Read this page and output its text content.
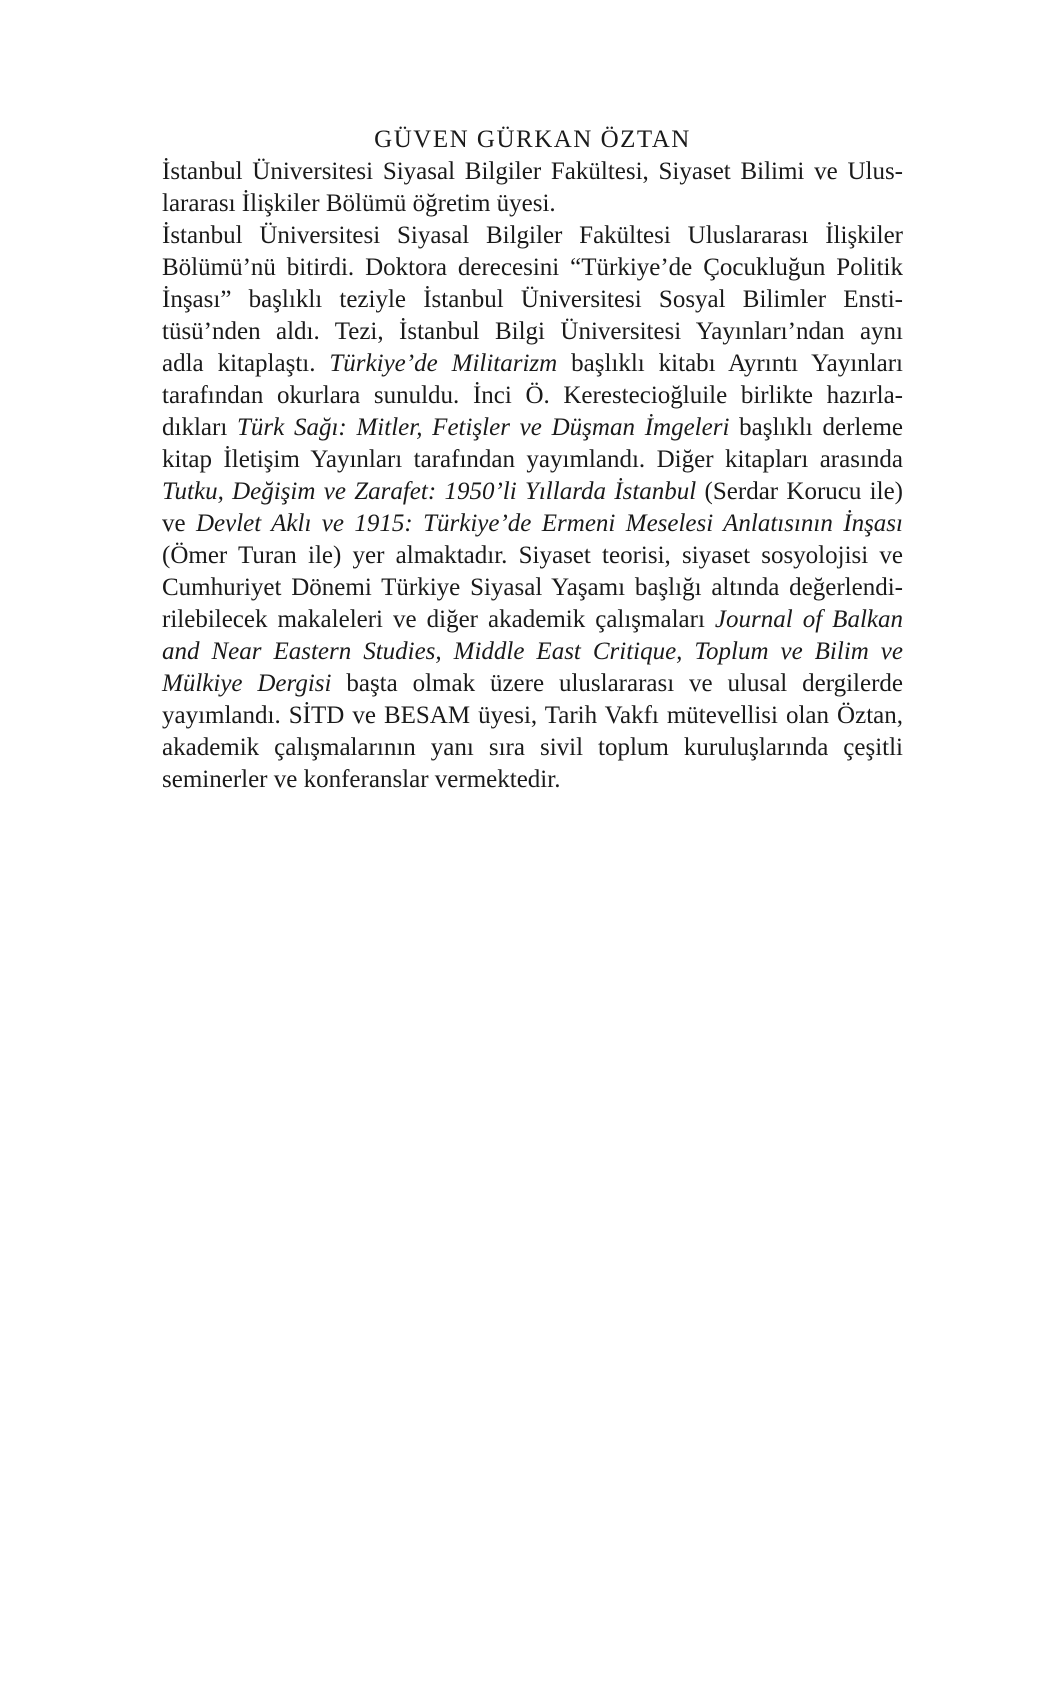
GÜVEN GÜRKAN ÖZTAN
İstanbul Üniversitesi Siyasal Bilgiler Fakültesi, Siyaset Bilimi ve Ulus-
lararası İlişkiler Bölümü öğretim üyesi.
İstanbul Üniversitesi Siyasal Bilgiler Fakültesi Uluslararası İlişkiler
Bölümü’nü bitirdi. Doktora derecesini “Türkiye’de Çocukluğun Politik
İnşası” başlıklı teziyle İstanbul Üniversitesi Sosyal Bilimler Ensti-
tüsü’nden aldı. Tezi, İstanbul Bilgi Üniversitesi Yayınları’ndan aynı
adla kitaplaştı. Türkiye’de Militarizm başlıklı kitabı Ayrıntı Yayınları
tarafından okurlara sunuldu. İnci Ö. Kerestecioğluile birlikte hazırla-
dıkları Türk Sağı: Mitler, Fetişler ve Düşman İmgeleri başlıklı derleme
kitap İletişim Yayınları tarafından yayımlandı. Diğer kitapları arasında
Tutku, Değişim ve Zarafet: 1950’li Yıllarda İstanbul (Serdar Korucu ile)
ve Devlet Aklı ve 1915: Türkiye’de Ermeni Meselesi Anlatısının İnşası
(Ömer Turan ile) yer almaktadır. Siyaset teorisi, siyaset sosyolojisi ve
Cumhuriyet Dönemi Türkiye Siyasal Yaşamı başlığı altında değerlendi-
rilebilecek makaleleri ve diğer akademik çalışmaları Journal of Balkan
and Near Eastern Studies, Middle East Critique, Toplum ve Bilim ve
Mülkiye Dergisi başta olmak üzere uluslararası ve ulusal dergilerde
yayımlandı. SİTD ve BESAM üyesi, Tarih Vakfı mütevellisi olan Öztan,
akademik çalışmalarının yanı sıra sivil toplum kuruluşlarında çeşitli
seminerler ve konferanslar vermektedir.
